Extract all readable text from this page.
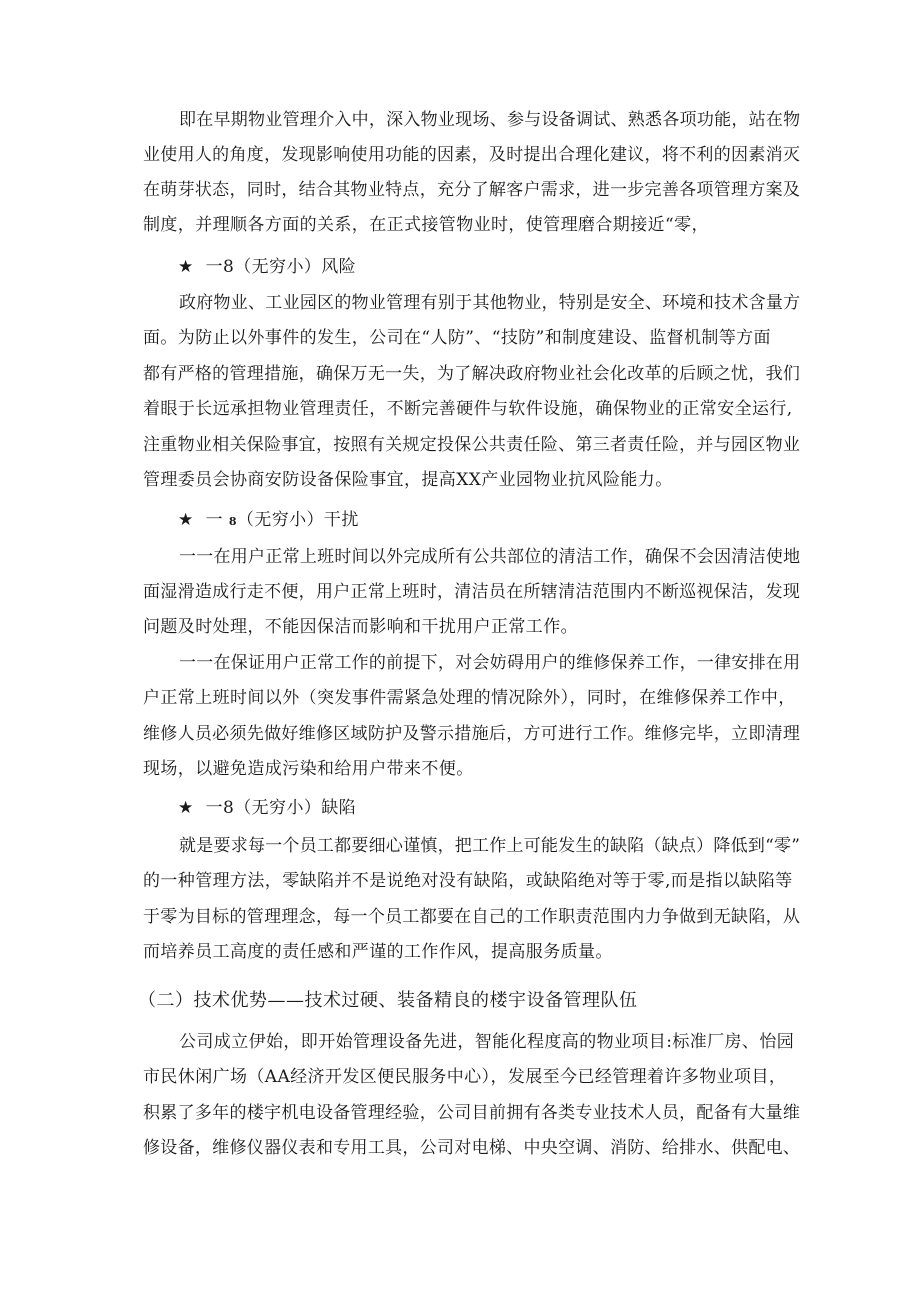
即在早期物业管理介入中，深入物业现场、参与设备调试、熟悉各项功能，站在物
业使用人的角度，发现影响使用功能的因素，及时提出合理化建议，将不利的因素消灭
在萌芽状态，同时，结合其物业特点，充分了解客户需求，进一步完善各项管理方案及
制度，并理顺各方面的关系，在正式接管物业时，使管理磨合期接近“零，
★ 一8（无穷小）风险
政府物业、工业园区的物业管理有别于其他物业，特别是安全、环境和技术含量方
面。为防止以外事件的发生，公司在“人防”、“技防”和制度建设、监督机制等方面
都有严格的管理措施，确保万无一失，为了解决政府物业社会化改革的后顾之忧，我们
着眼于长远承担物业管理责任，不断完善硬件与软件设施，确保物业的正常安全运行,
注重物业相关保险事宜，按照有关规定投保公共责任险、第三者责任险，并与园区物业
管理委员会协商安防设备保险事宜，提高XX产业园物业抗风险能力。
★ 一 8（无穷小）干扰
一一在用户正常上班时间以外完成所有公共部位的清洁工作，确保不会因清洁使地
面湿滑造成行走不便，用户正常上班时，清洁员在所辖清洁范围内不断巡视保洁，发现
问题及时处理，不能因保洁而影响和干扰用户正常工作。
一一在保证用户正常工作的前提下，对会妨碍用户的维修保养工作，一律安排在用
户正常上班时间以外（突发事件需紧急处理的情况除外），同时，在维修保养工作中，
维修人员必须先做好维修区域防护及警示措施后，方可进行工作。维修完毕，立即清理
现场，以避免造成污染和给用户带来不便。
★ 一8（无穷小）缺陷
就是要求每一个员工都要细心谨慎，把工作上可能发生的缺陷（缺点）降低到“零”
的一种管理方法，零缺陷并不是说绝对没有缺陷，或缺陷绝对等于零,而是指以缺陷等
于零为目标的管理理念，每一个员工都要在自己的工作职责范围内力争做到无缺陷，从
而培养员工高度的责任感和严谨的工作作风，提高服务质量。
（二）技术优势——技术过硬、装备精良的楼宇设备管理队伍
公司成立伊始，即开始管理设备先进，智能化程度高的物业项目:标准厂房、怡园
市民休闲广场（AA经济开发区便民服务中心），发展至今已经管理着许多物业项目，
积累了多年的楼宇机电设备管理经验，公司目前拥有各类专业技术人员，配备有大量维
修设备，维修仪器仪表和专用工具，公司对电梯、中央空调、消防、给排水、供配电、
